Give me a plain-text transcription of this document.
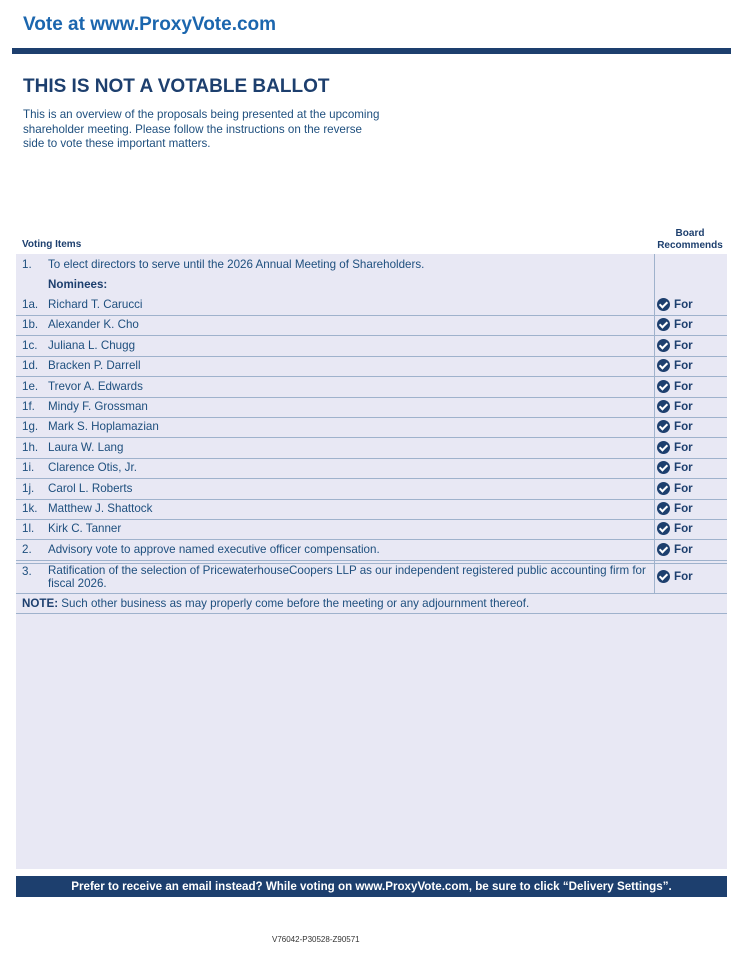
Vote at www.ProxyVote.com
THIS IS NOT A VOTABLE BALLOT
This is an overview of the proposals being presented at the upcoming shareholder meeting. Please follow the instructions on the reverse side to vote these important matters.
Voting Items
Board
Recommends
1. To elect directors to serve until the 2026 Annual Meeting of Shareholders.
Nominees:
1a. Richard T. Carucci	For
1b. Alexander K. Cho	For
1c. Juliana L. Chugg	For
1d. Bracken P. Darrell	For
1e. Trevor A. Edwards	For
1f. Mindy F. Grossman	For
1g. Mark S. Hoplamazian	For
1h. Laura W. Lang	For
1i. Clarence Otis, Jr.	For
1j. Carol L. Roberts	For
1k. Matthew J. Shattock	For
1l. Kirk C. Tanner	For
2. Advisory vote to approve named executive officer compensation.	For
3. Ratification of the selection of PricewaterhouseCoopers LLP as our independent registered public accounting firm for fiscal 2026.	For
NOTE: Such other business as may properly come before the meeting or any adjournment thereof.
Prefer to receive an email instead? While voting on www.ProxyVote.com, be sure to click “Delivery Settings”.
V76042-P30528-Z90571
